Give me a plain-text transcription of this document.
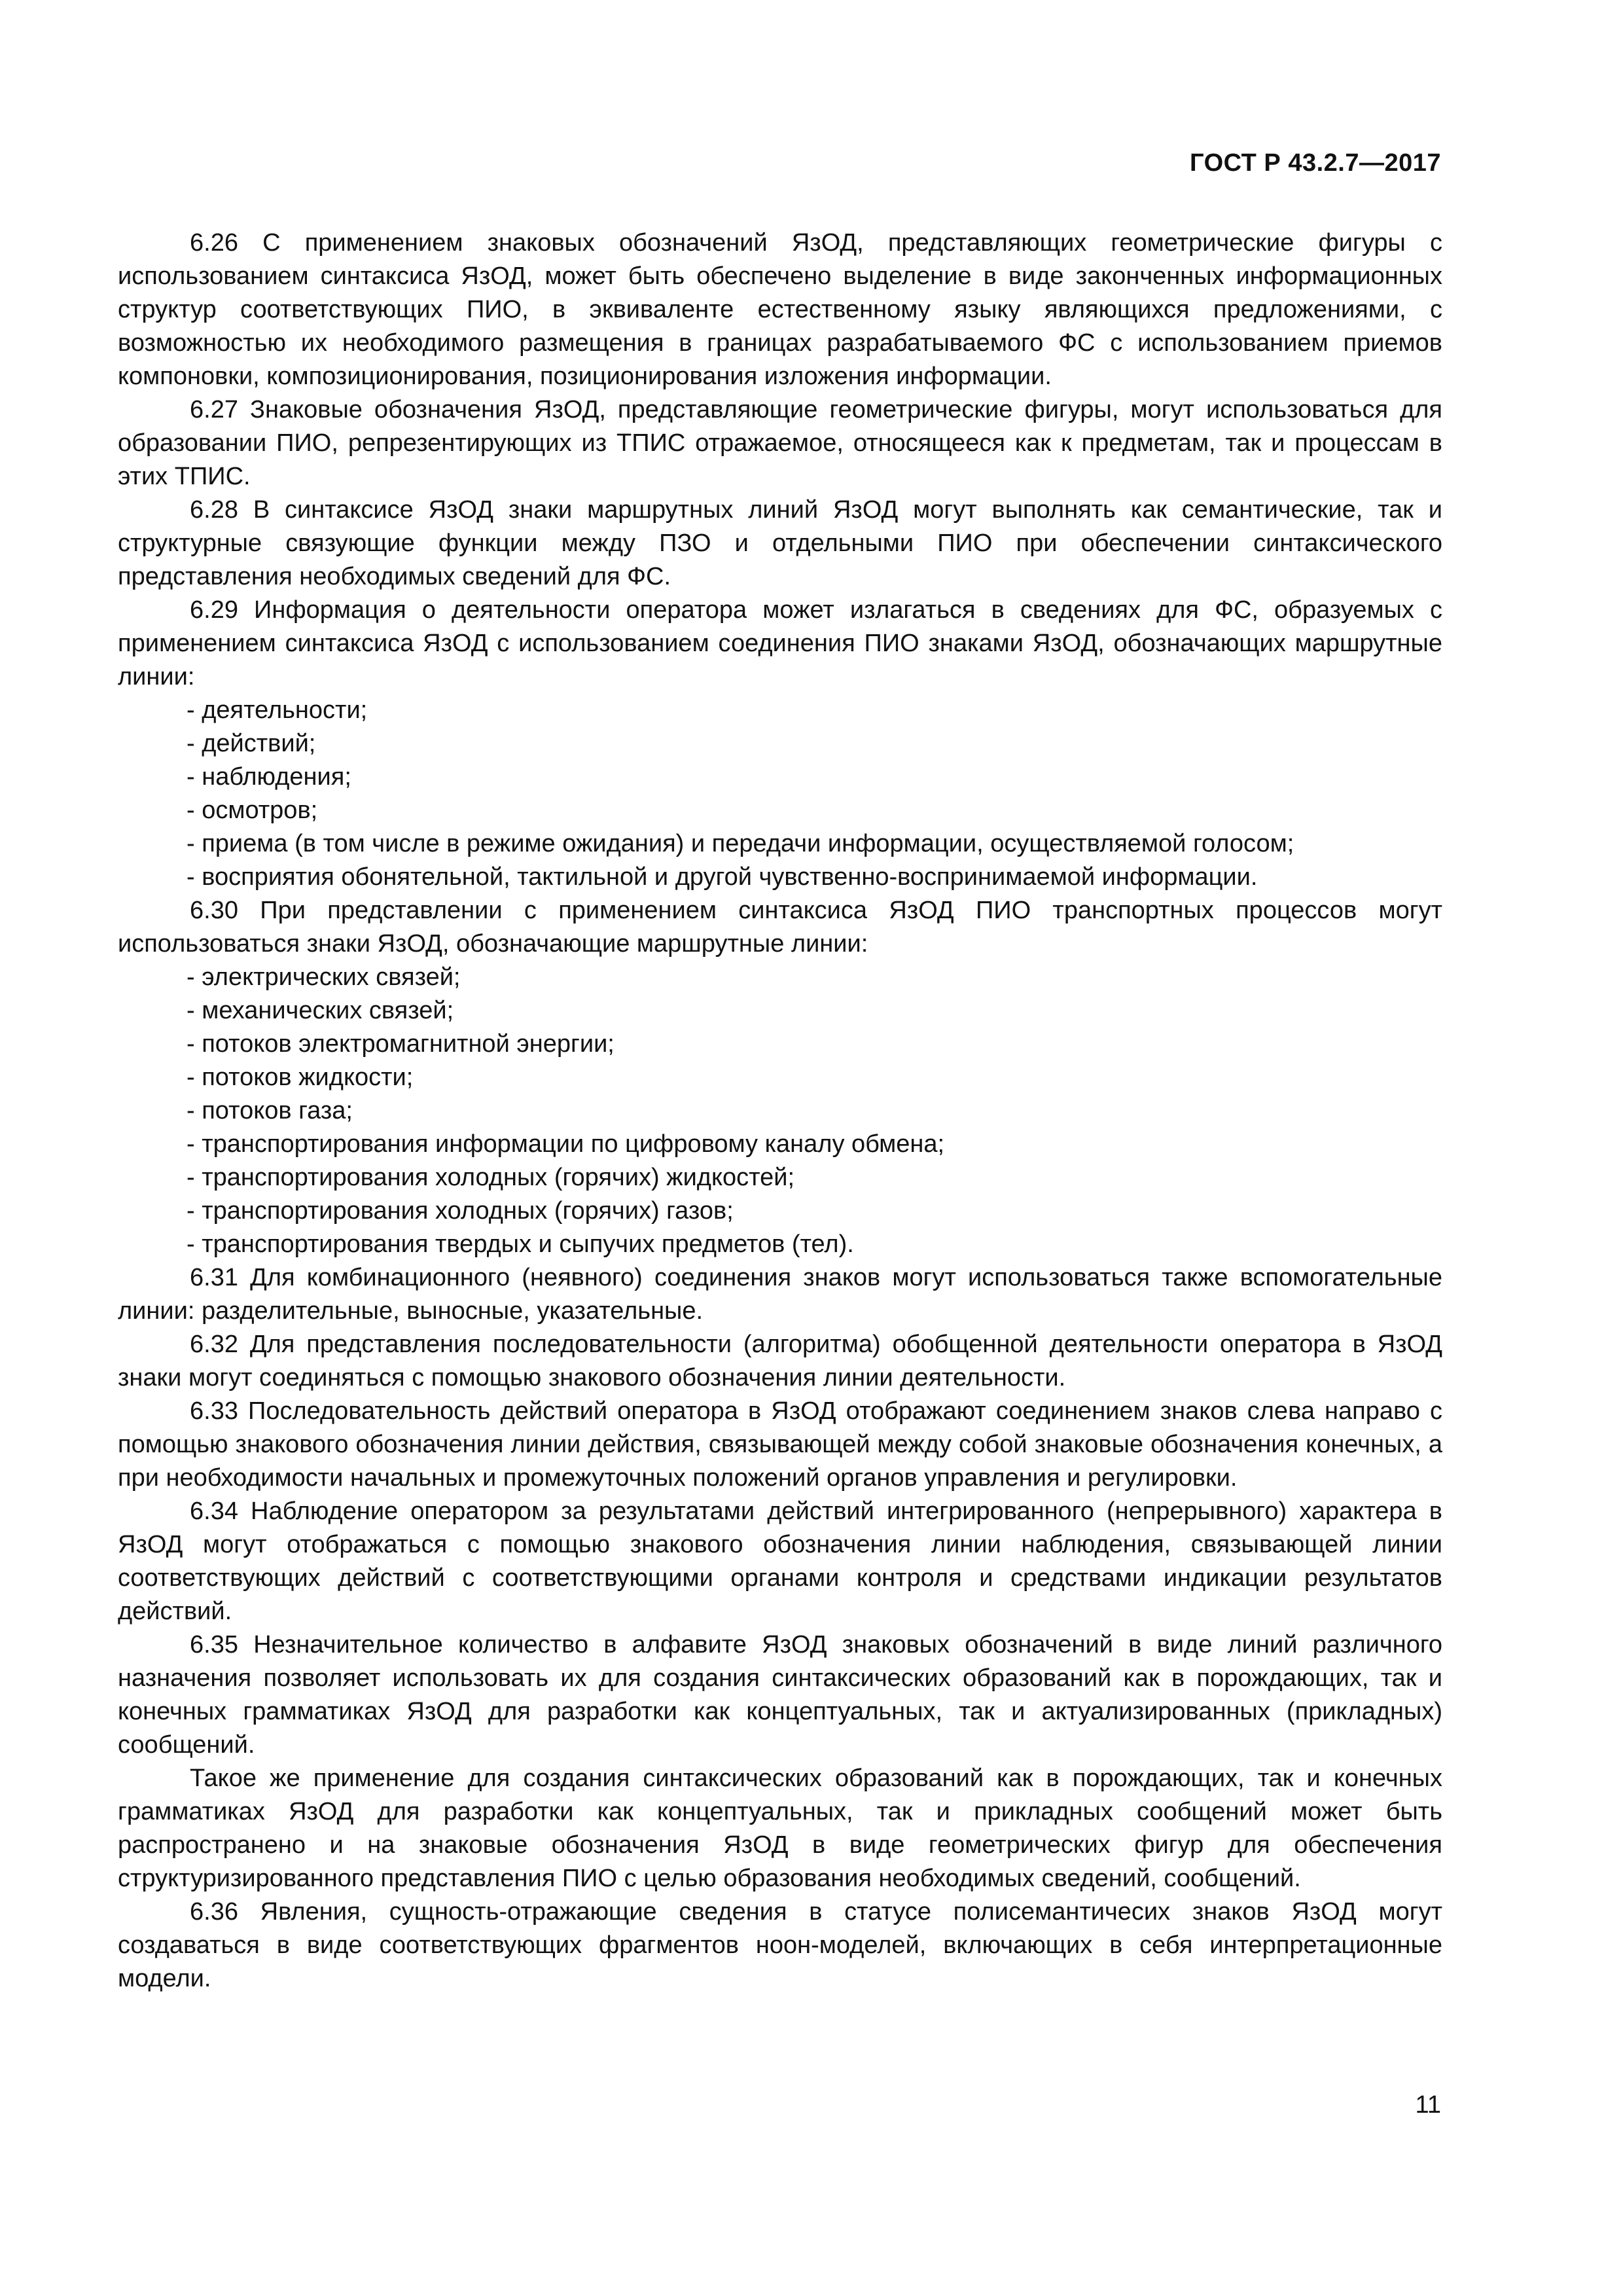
ГОСТ Р 43.2.7—2017

6.26 С применением знаковых обозначений ЯзОД, представляющих геометрические фигуры с использованием синтаксиса ЯзОД, может быть обеспечено выделение в виде законченных информационных структур соответствующих ПИО, в эквиваленте естественному языку являющихся предложениями, с возможностью их необходимого размещения в границах разрабатываемого ФС с использованием приемов компоновки, композиционирования, позиционирования изложения информации.

6.27 Знаковые обозначения ЯзОД, представляющие геометрические фигуры, могут использоваться для образовании ПИО, репрезентирующих из ТПИС отражаемое, относящееся как к предметам, так и процессам в этих ТПИС.

6.28 В синтаксисе ЯзОД знаки маршрутных линий ЯзОД могут выполнять как семантические, так и структурные связующие функции между ПЗО и отдельными ПИО при обеспечении синтаксического представления необходимых сведений для ФС.

6.29 Информация о деятельности оператора может излагаться в сведениях для ФС, образуемых с применением синтаксиса ЯзОД с использованием соединения ПИО знаками ЯзОД, обозначающих маршрутные линии:

- деятельности;
- действий;
- наблюдения;
- осмотров;
- приема (в том числе в режиме ожидания) и передачи информации, осуществляемой голосом;
- восприятия обонятельной, тактильной и другой чувственно-воспринимаемой информации.

6.30 При представлении с применением синтаксиса ЯзОД ПИО транспортных процессов могут использоваться знаки ЯзОД, обозначающие маршрутные линии:

- электрических связей;
- механических связей;
- потоков электромагнитной энергии;
- потоков жидкости;
- потоков газа;
- транспортирования информации по цифровому каналу обмена;
- транспортирования холодных (горячих) жидкостей;
- транспортирования холодных (горячих) газов;
- транспортирования твердых и сыпучих предметов (тел).

6.31 Для комбинационного (неявного) соединения знаков могут использоваться также вспомогательные линии: разделительные, выносные, указательные.

6.32 Для представления последовательности (алгоритма) обобщенной деятельности оператора в ЯзОД знаки могут соединяться с помощью знакового обозначения линии деятельности.

6.33 Последовательность действий оператора в ЯзОД отображают соединением знаков слева направо с помощью знакового обозначения линии действия, связывающей между собой знаковые обозначения конечных, а при необходимости начальных и промежуточных положений органов управления и регулировки.

6.34 Наблюдение оператором за результатами действий интегрированного (непрерывного) характера в ЯзОД могут отображаться с помощью знакового обозначения линии наблюдения, связывающей линии соответствующих действий с соответствующими органами контроля и средствами индикации результатов действий.

6.35 Незначительное количество в алфавите ЯзОД знаковых обозначений в виде линий различного назначения позволяет использовать их для создания синтаксических образований как в порождающих, так и конечных грамматиках ЯзОД для разработки как концептуальных, так и актуализированных (прикладных) сообщений.

Такое же применение для создания синтаксических образований как в порождающих, так и конечных грамматиках ЯзОД для разработки как концептуальных, так и прикладных сообщений может быть распространено и на знаковые обозначения ЯзОД в виде геометрических фигур для обеспечения структуризированного представления ПИО с целью образования необходимых сведений, сообщений.

6.36 Явления, сущность-отражающие сведения в статусе полисемантичесих знаков ЯзОД могут создаваться в виде соответствующих фрагментов ноон-моделей, включающих в себя интерпретационные модели.

11
